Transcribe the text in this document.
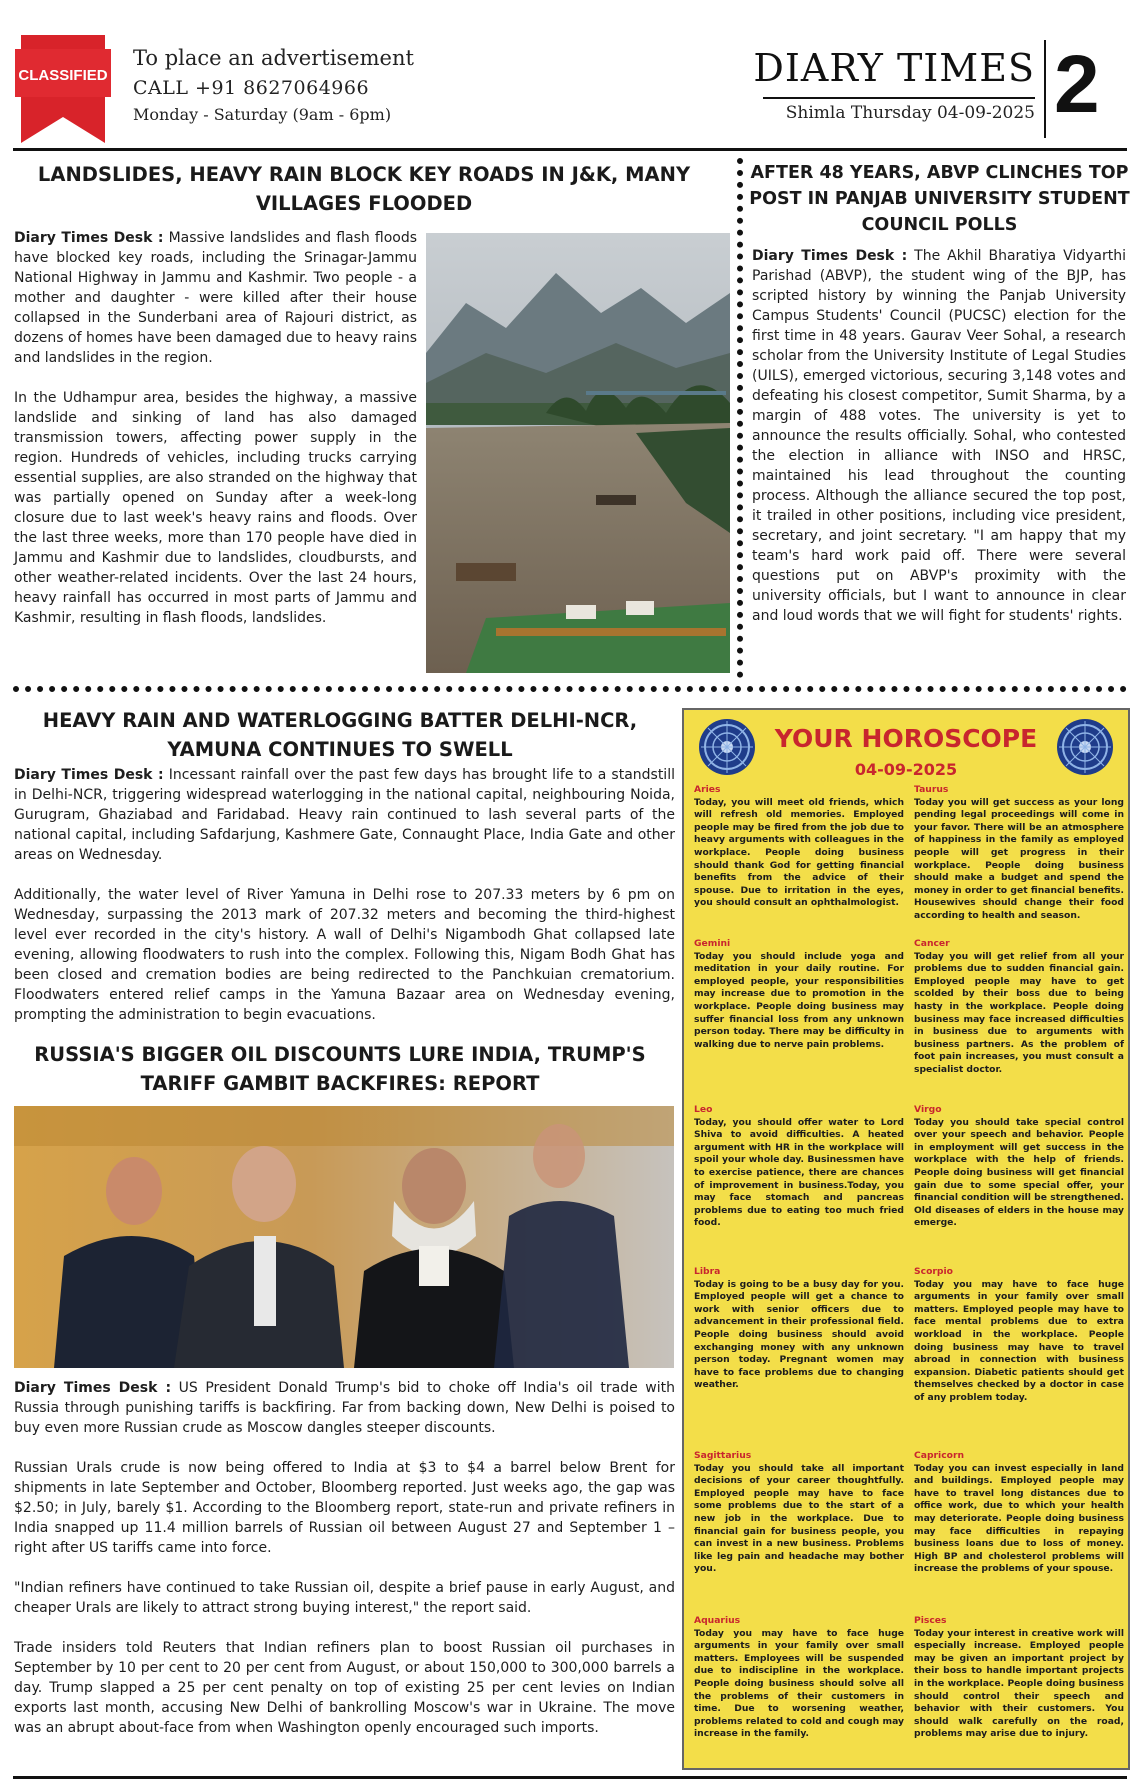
CLASSIFIED
To place an advertisement
CALL +91 8627064966
Monday - Saturday (9am - 6pm)
DIARY TIMES
Shimla Thursday 04-09-2025 2
LANDSLIDES, HEAVY RAIN BLOCK KEY ROADS IN J&K, MANY VILLAGES FLOODED

Diary Times Desk : Massive landslides and flash floods have blocked key roads, including the Srinagar-Jammu National Highway in Jammu and Kashmir. Two people - a mother and daughter - were killed after their house collapsed in the Sunderbani area of Rajouri district, as dozens of homes have been damaged due to heavy rains and landslides in the region.

In the Udhampur area, besides the highway, a massive landslide and sinking of land has also damaged transmission towers, affecting power supply in the region. Hundreds of vehicles, including trucks carrying essential supplies, are also stranded on the highway that was partially opened on Sunday after a week-long closure due to last week's heavy rains and floods. Over the last three weeks, more than 170 people have died in Jammu and Kashmir due to landslides, cloudbursts, and other weather-related incidents. Over the last 24 hours, heavy rainfall has occurred in most parts of Jammu and Kashmir, resulting in flash floods, landslides.

AFTER 48 YEARS, ABVP CLINCHES TOP POST IN PANJAB UNIVERSITY STUDENT COUNCIL POLLS

Diary Times Desk : The Akhil Bharatiya Vidyarthi Parishad (ABVP), the student wing of the BJP, has scripted history by winning the Panjab University Campus Students' Council (PUCSC) election for the first time in 48 years. Gaurav Veer Sohal, a research scholar from the University Institute of Legal Studies (UILS), emerged victorious, securing 3,148 votes and defeating his closest competitor, Sumit Sharma, by a margin of 488 votes. The university is yet to announce the results officially. Sohal, who contested the election in alliance with INSO and HRSC, maintained his lead throughout the counting process. Although the alliance secured the top post, it trailed in other positions, including vice president, secretary, and joint secretary. "I am happy that my team's hard work paid off. There were several questions put on ABVP's proximity with the university officials, but I want to announce in clear and loud words that we will fight for students' rights.

HEAVY RAIN AND WATERLOGGING BATTER DELHI-NCR, YAMUNA CONTINUES TO SWELL

Diary Times Desk : Incessant rainfall over the past few days has brought life to a standstill in Delhi-NCR, triggering widespread waterlogging in the national capital, neighbouring Noida, Gurugram, Ghaziabad and Faridabad. Heavy rain continued to lash several parts of the national capital, including Safdarjung, Kashmere Gate, Connaught Place, India Gate and other areas on Wednesday.

Additionally, the water level of River Yamuna in Delhi rose to 207.33 meters by 6 pm on Wednesday, surpassing the 2013 mark of 207.32 meters and becoming the third-highest level ever recorded in the city's history. A wall of Delhi's Nigambodh Ghat collapsed late evening, allowing floodwaters to rush into the complex. Following this, Nigam Bodh Ghat has been closed and cremation bodies are being redirected to the Panchkuian crematorium. Floodwaters entered relief camps in the Yamuna Bazaar area on Wednesday evening, prompting the administration to begin evacuations.

RUSSIA'S BIGGER OIL DISCOUNTS LURE INDIA, TRUMP'S TARIFF GAMBIT BACKFIRES: REPORT

Diary Times Desk : US President Donald Trump's bid to choke off India's oil trade with Russia through punishing tariffs is backfiring. Far from backing down, New Delhi is poised to buy even more Russian crude as Moscow dangles steeper discounts.

Russian Urals crude is now being offered to India at $3 to $4 a barrel below Brent for shipments in late September and October, Bloomberg reported. Just weeks ago, the gap was $2.50; in July, barely $1. According to the Bloomberg report, state-run and private refiners in India snapped up 11.4 million barrels of Russian oil between August 27 and September 1 – right after US tariffs came into force.

"Indian refiners have continued to take Russian oil, despite a brief pause in early August, and cheaper Urals are likely to attract strong buying interest," the report said.

Trade insiders told Reuters that Indian refiners plan to boost Russian oil purchases in September by 10 per cent to 20 per cent from August, or about 150,000 to 300,000 barrels a day. Trump slapped a 25 per cent penalty on top of existing 25 per cent levies on Indian exports last month, accusing New Delhi of bankrolling Moscow's war in Ukraine. The move was an abrupt about-face from when Washington openly encouraged such imports.

YOUR HOROSCOPE
04-09-2025
Aries
Today, you will meet old friends, which will refresh old memories. Employed people may be fired from the job due to heavy arguments with colleagues in the workplace. People doing business should thank God for getting financial benefits from the advice of their spouse. Due to irritation in the eyes, you should consult an ophthalmologist.
Taurus
Today you will get success as your long pending legal proceedings will come in your favor. There will be an atmosphere of happiness in the family as employed people will get progress in their workplace. People doing business should make a budget and spend the money in order to get financial benefits. Housewives should change their food according to health and season.
Gemini
Today you should include yoga and meditation in your daily routine. For employed people, your responsibilities may increase due to promotion in the workplace. People doing business may suffer financial loss from any unknown person today. There may be difficulty in walking due to nerve pain problems.
Cancer
Today you will get relief from all your problems due to sudden financial gain. Employed people may have to get scolded by their boss due to being hasty in the workplace. People doing business may face increased difficulties in business due to arguments with business partners. As the problem of foot pain increases, you must consult a specialist doctor.
Leo
Today, you should offer water to Lord Shiva to avoid difficulties. A heated argument with HR in the workplace will spoil your whole day. Businessmen have to exercise patience, there are chances of improvement in business.Today, you may face stomach and pancreas problems due to eating too much fried food.
Virgo
Today you should take special control over your speech and behavior. People in employment will get success in the workplace with the help of friends. People doing business will get financial gain due to some special offer, your financial condition will be strengthened. Old diseases of elders in the house may emerge.
Libra
Today is going to be a busy day for you. Employed people will get a chance to work with senior officers due to advancement in their professional field. People doing business should avoid exchanging money with any unknown person today. Pregnant women may have to face problems due to changing weather.
Scorpio
Today you may have to face huge arguments in your family over small matters. Employed people may have to face mental problems due to extra workload in the workplace. People doing business may have to travel abroad in connection with business expansion. Diabetic patients should get themselves checked by a doctor in case of any problem today.
Sagittarius
Today you should take all important decisions of your career thoughtfully. Employed people may have to face some problems due to the start of a new job in the workplace. Due to financial gain for business people, you can invest in a new business. Problems like leg pain and headache may bother you.
Capricorn
Today you can invest especially in land and buildings. Employed people may have to travel long distances due to office work, due to which your health may deteriorate. People doing business may face difficulties in repaying business loans due to loss of money. High BP and cholesterol problems will increase the problems of your spouse.
Aquarius
Today you may have to face huge arguments in your family over small matters. Employees will be suspended due to indiscipline in the workplace. People doing business should solve all the problems of their customers in time. Due to worsening weather, problems related to cold and cough may increase in the family.
Pisces
Today your interest in creative work will especially increase. Employed people may be given an important project by their boss to handle important projects in the workplace. People doing business should control their speech and behavior with their customers. You should walk carefully on the road, problems may arise due to injury.
